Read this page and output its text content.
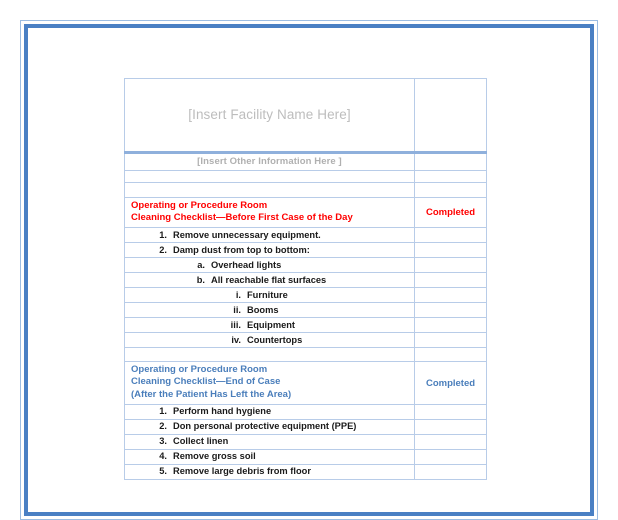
[Insert Facility Name Here]	

[Insert Other Information Here ]	

Operating or Procedure Room
Cleaning Checklist—Before First Case of the Day	Completed

1. Remove unnecessary equipment.	

2. Damp dust from top to bottom:	

a. Overhead lights	

b. All reachable flat surfaces	

i. Furniture	

ii. Booms	

iii. Equipment	

iv. Countertops	

Operating or Procedure Room
Cleaning Checklist—End of Case
(After the Patient Has Left the Area)	Completed

1. Perform hand hygiene	

2. Don personal protective equipment (PPE)	

3. Collect linen	

4. Remove gross soil	

5. Remove large debris from floor	
